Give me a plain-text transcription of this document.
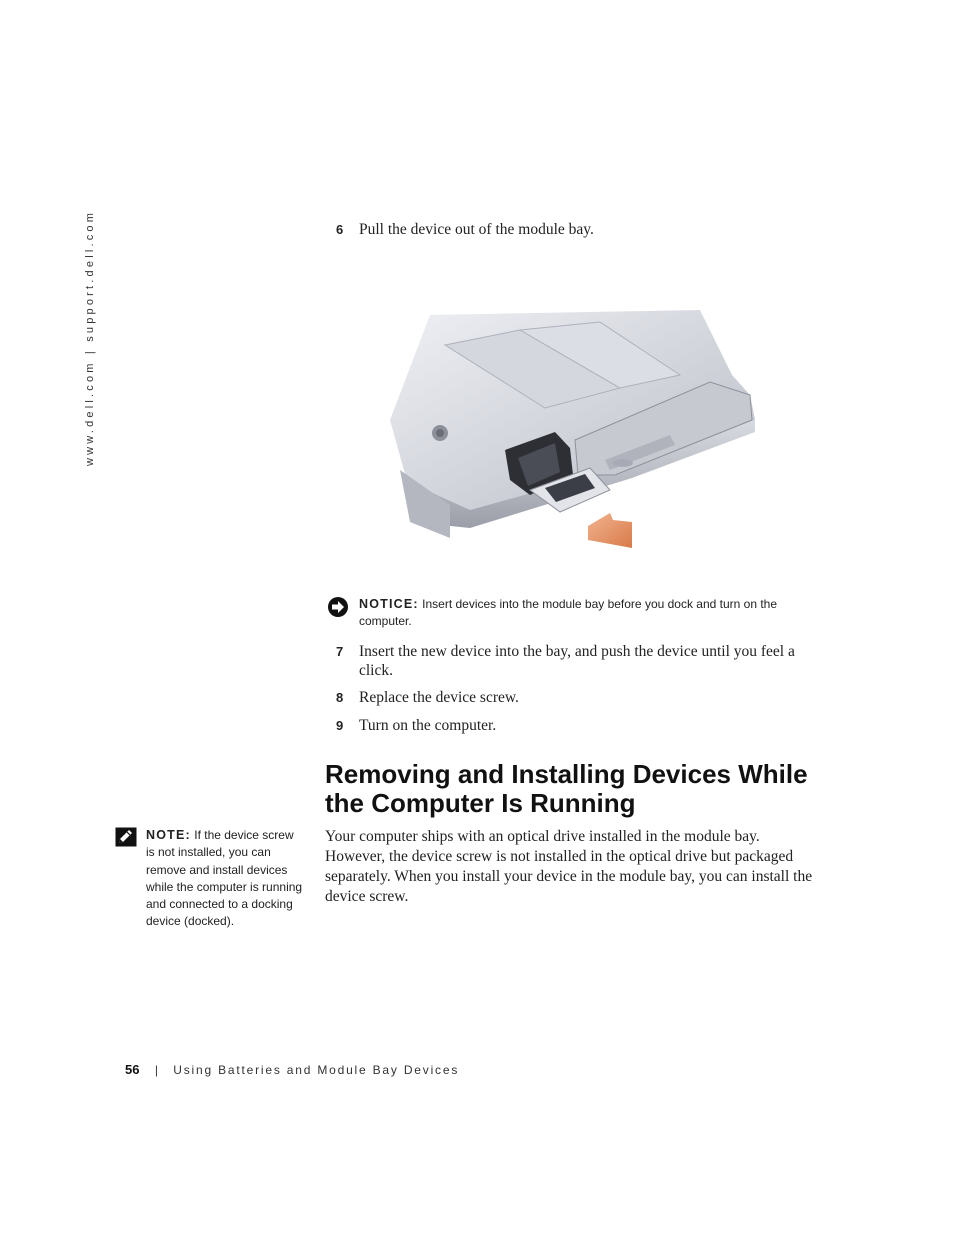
www.dell.com | support.dell.com	6 Pull the device out of the module bay.
NOTICE: Insert devices into the module bay before you dock and turn on the computer.
7 Insert the new device into the bay, and push the device until you feel a click.
8 Replace the device screw.
9 Turn on the computer.
Removing and Installing Devices While the Computer Is Running

Your computer ships with an optical drive installed in the module bay. However, the device screw is not installed in the optical drive but packaged separately. When you install your device in the module bay, you can install the device screw.

NOTE: If the device screw is not installed, you can remove and install devices while the computer is running and connected to a docking device (docked).
56 | Using Batteries and Module Bay Devices
